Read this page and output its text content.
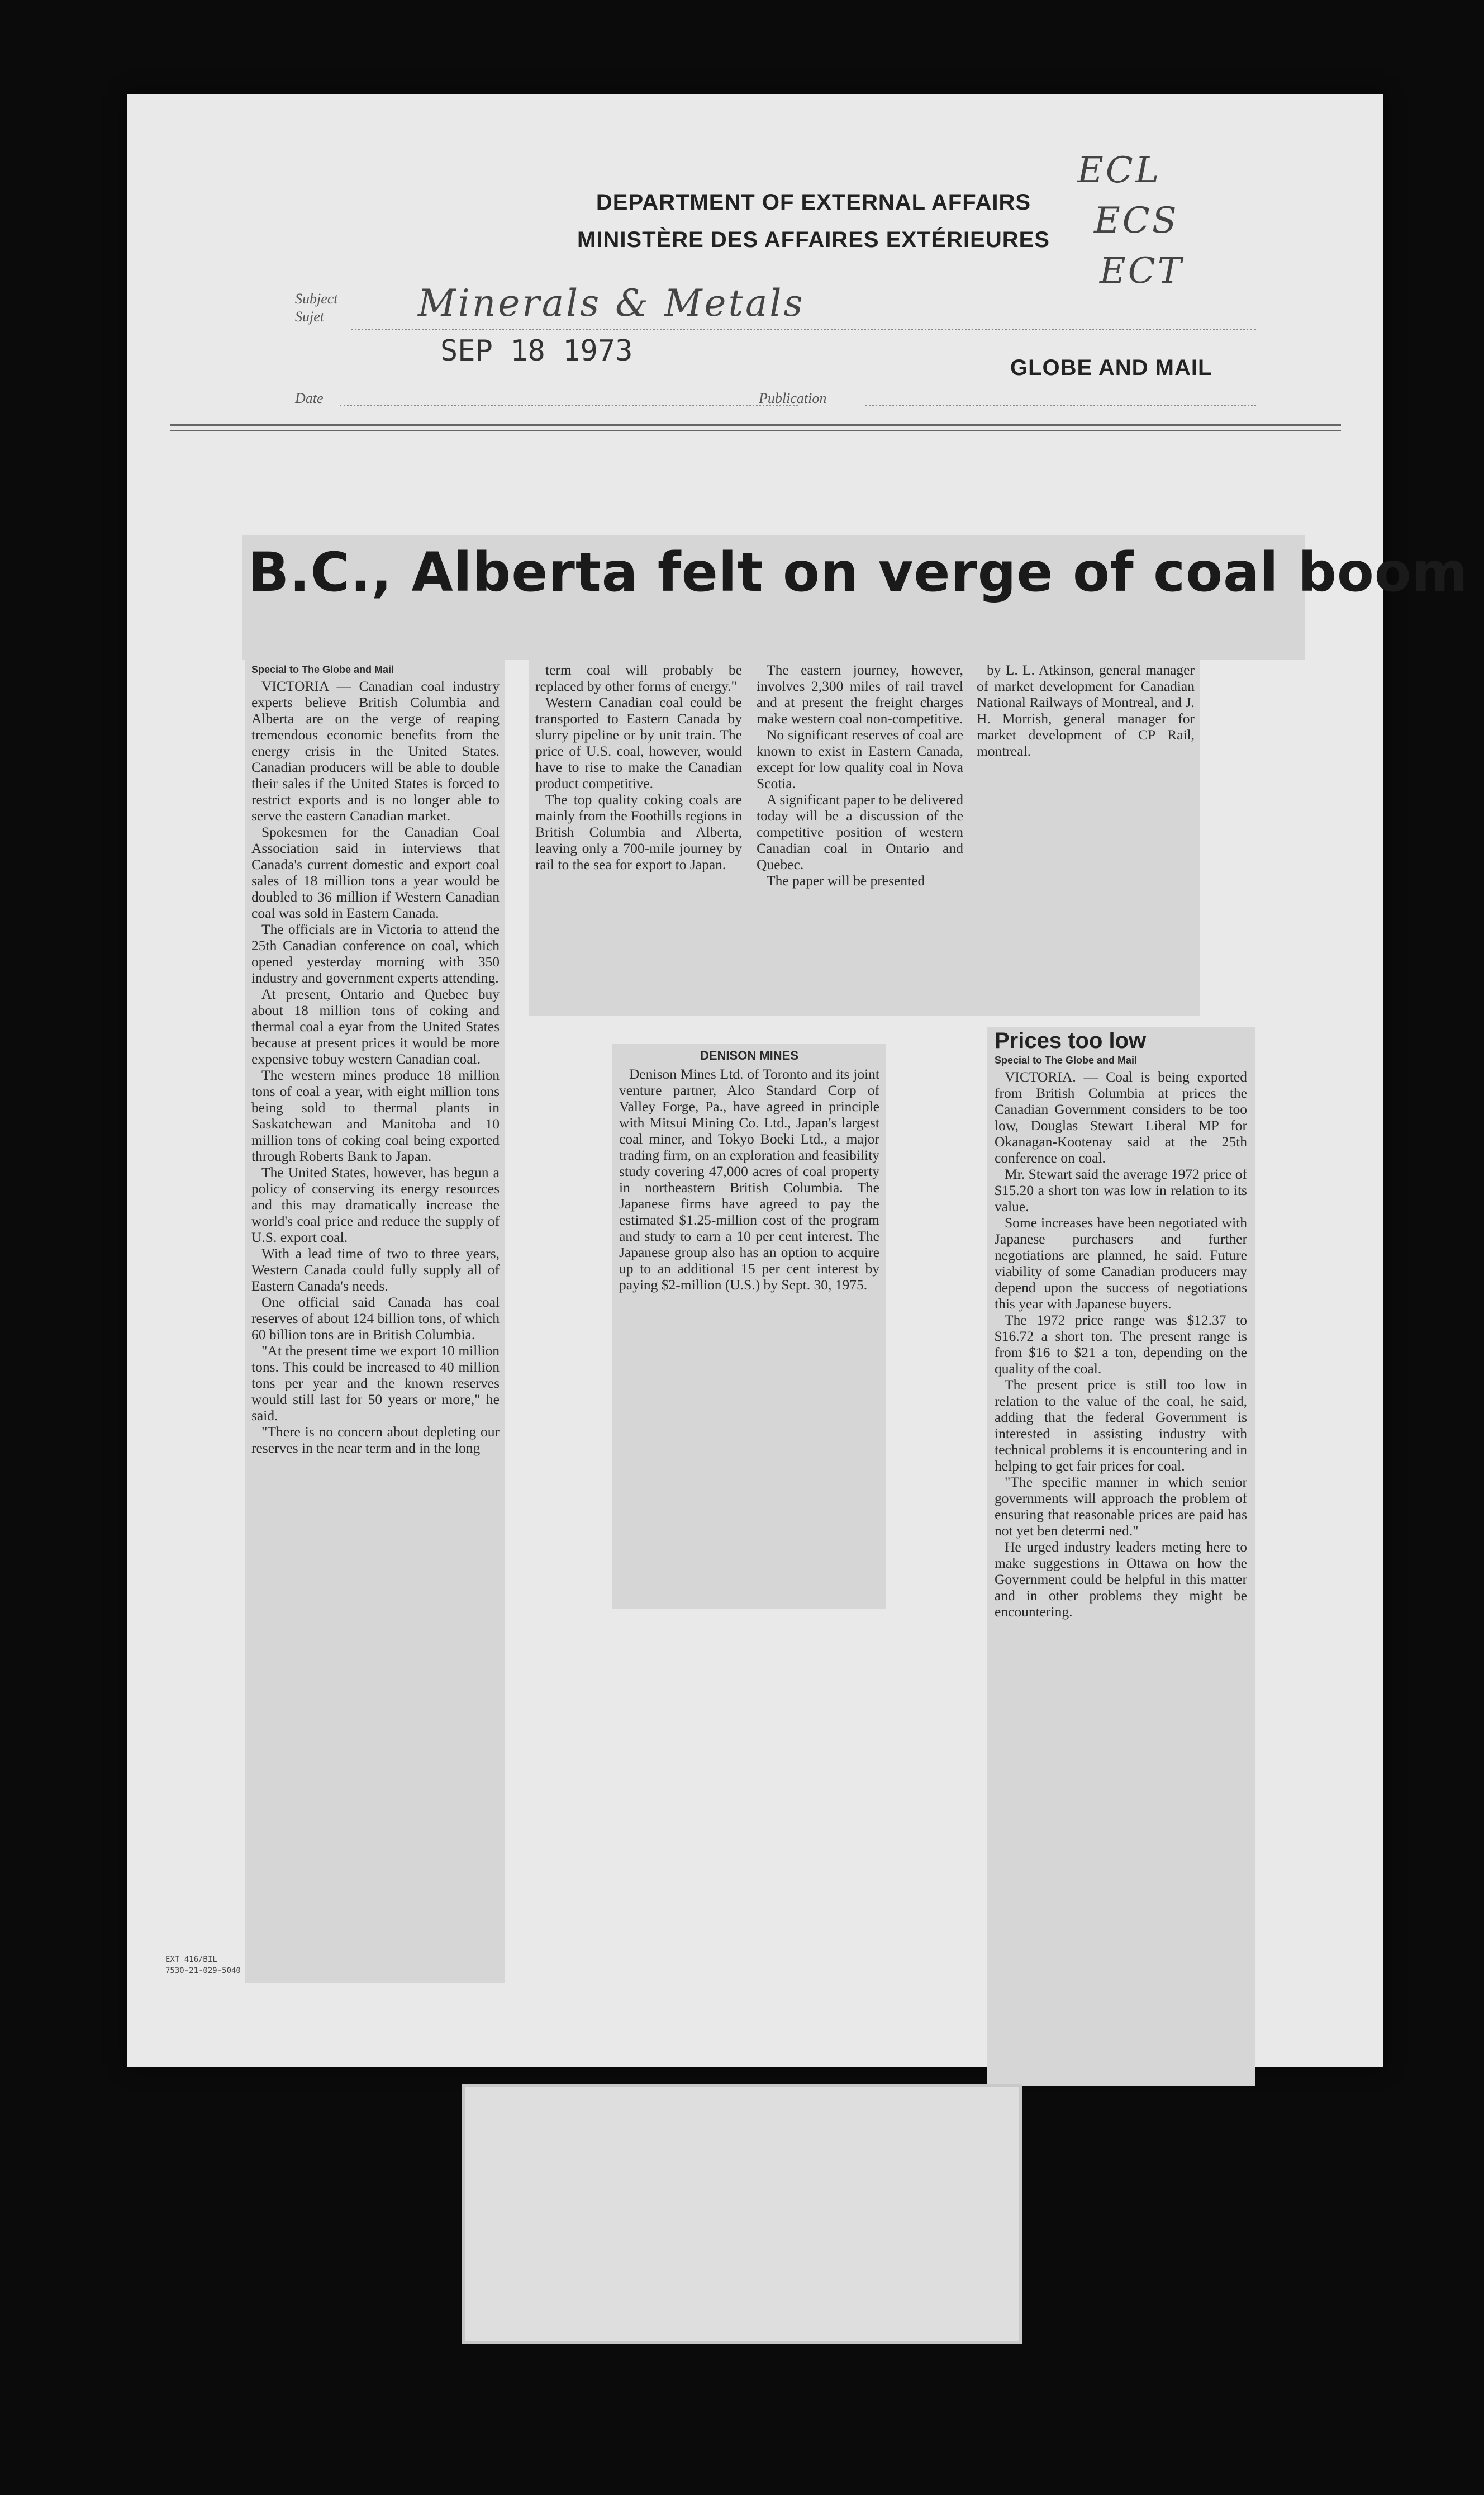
DEPARTMENT OF EXTERNAL AFFAIRS
MINISTÈRE DES AFFAIRES EXTÉRIEURES
ECL
ECS
ECT
Subject
Sujet	Minerals & Metals
SEP 18 1973
Date	Publication
GLOBE AND MAIL
B.C., Alberta felt on verge of coal boom

Special to The Globe and Mail

VICTORIA — Canadian coal industry experts believe British Columbia and Alberta are on the verge of reaping tremendous economic benefits from the energy crisis in the United States. Canadian producers will be able to double their sales if the United States is forced to restrict exports and is no longer able to serve the eastern Canadian market.

Spokesmen for the Canadian Coal Association said in interviews that Canada's current domestic and export coal sales of 18 million tons a year would be doubled to 36 million if Western Canadian coal was sold in Eastern Canada.

The officials are in Victoria to attend the 25th Canadian conference on coal, which opened yesterday morning with 350 industry and government experts attending.

At present, Ontario and Quebec buy about 18 million tons of coking and thermal coal a eyar from the United States because at present prices it would be more expensive tobuy western Canadian coal.

The western mines produce 18 million tons of coal a year, with eight million tons being sold to thermal plants in Saskatchewan and Manitoba and 10 million tons of coking coal being exported through Roberts Bank to Japan.

The United States, however, has begun a policy of conserving its energy resources and this may dramatically increase the world's coal price and reduce the supply of U.S. export coal.

With a lead time of two to three years, Western Canada could fully supply all of Eastern Canada's needs.

One official said Canada has coal reserves of about 124 billion tons, of which 60 billion tons are in British Columbia.

"At the present time we export 10 million tons. This could be increased to 40 million tons per year and the known reserves would still last for 50 years or more," he said.

"There is no concern about depleting our reserves in the near term and in the long

term coal will probably be replaced by other forms of energy."

Western Canadian coal could be transported to Eastern Canada by slurry pipeline or by unit train. The price of U.S. coal, however, would have to rise to make the Canadian product competitive.

The top quality coking coals are mainly from the Foothills regions in British Columbia and Alberta, leaving only a 700-mile journey by rail to the sea for export to Japan.

The eastern journey, however, involves 2,300 miles of rail travel and at present the freight charges make western coal non-competitive.

No significant reserves of coal are known to exist in Eastern Canada, except for low quality coal in Nova Scotia.

A significant paper to be delivered today will be a discussion of the competitive position of western Canadian coal in Ontario and Quebec.

The paper will be presented

by L. L. Atkinson, general manager of market development for Canadian National Railways of Montreal, and J. H. Morrish, general manager for market development of CP Rail, montreal.

DENISON MINES

Denison Mines Ltd. of Toronto and its joint venture partner, Alco Standard Corp of Valley Forge, Pa., have agreed in principle with Mitsui Mining Co. Ltd., Japan's largest coal miner, and Tokyo Boeki Ltd., a major trading firm, on an exploration and feasibility study covering 47,000 acres of coal property in northeastern British Columbia. The Japanese firms have agreed to pay the estimated $1.25-million cost of the program and study to earn a 10 per cent interest. The Japanese group also has an option to acquire up to an additional 15 per cent interest by paying $2-million (U.S.) by Sept. 30, 1975.

Prices too low

Special to The Globe and Mail

VICTORIA. — Coal is being exported from British Columbia at prices the Canadian Government considers to be too low, Douglas Stewart Liberal MP for Okanagan-Kootenay said at the 25th conference on coal.

Mr. Stewart said the average 1972 price of $15.20 a short ton was low in relation to its value.

Some increases have been negotiated with Japanese purchasers and further negotiations are planned, he said. Future viability of some Canadian producers may depend upon the success of negotiations this year with Japanese buyers.

The 1972 price range was $12.37 to $16.72 a short ton. The present range is from $16 to $21 a ton, depending on the quality of the coal.

The present price is still too low in relation to the value of the coal, he said, adding that the federal Government is interested in assisting industry with technical problems it is encountering and in helping to get fair prices for coal.

"The specific manner in which senior governments will approach the problem of ensuring that reasonable prices are paid has not yet ben determi ned."

He urged industry leaders meting here to make suggestions in Ottawa on how the Government could be helpful in this matter and in other problems they might be encountering.

EXT 416/BIL
7530-21-029-5040
